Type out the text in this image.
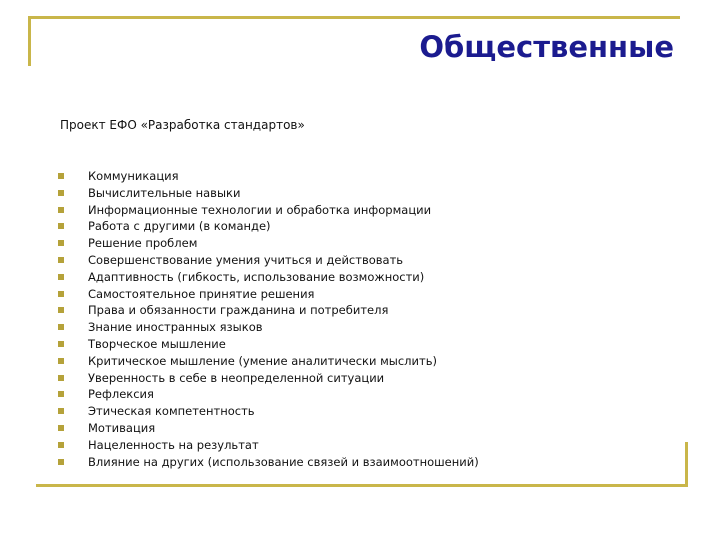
Общественные
Проект ЕФО «Разработка стандартов»
Коммуникация
Вычислительные навыки
Информационные технологии и обработка информации
Работа с другими (в команде)
Решение проблем
Совершенствование умения учиться и действовать
Адаптивность (гибкость, использование возможности)
Самостоятельное принятие решения
Права и обязанности гражданина и потребителя
Знание иностранных языков
Творческое мышление
Критическое мышление (умение аналитически мыслить)
Уверенность в себе в неопределенной ситуации
Рефлексия
Этическая компетентность
Мотивация
Нацеленность на результат
Влияние на других (использование связей и взаимоотношений)
